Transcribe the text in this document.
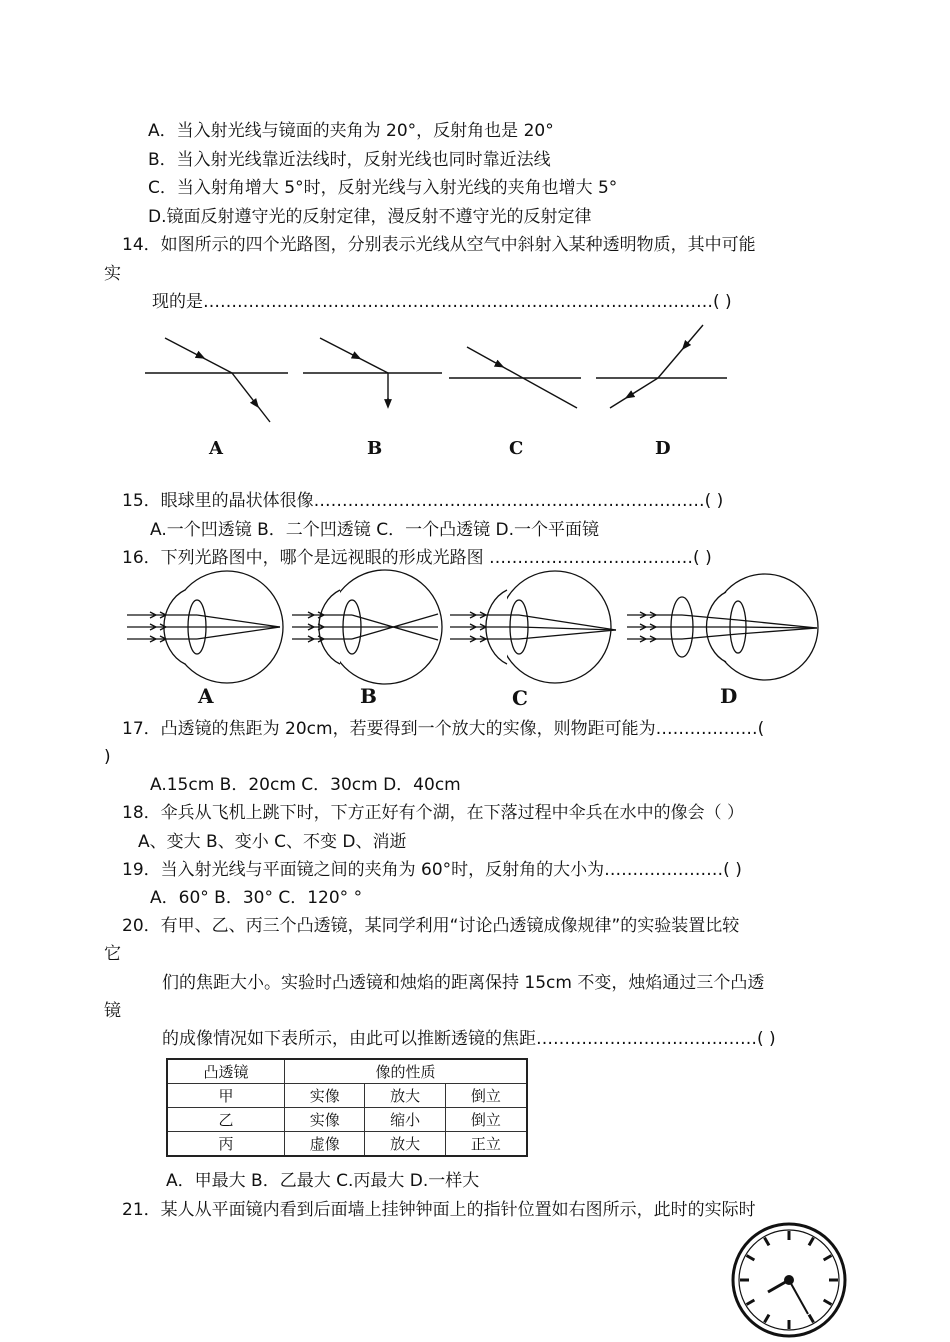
A．当入射光线与镜面的夹角为 20°，反射角也是 20°
B．当入射光线靠近法线时，反射光线也同时靠近法线
C．当入射角增大 5°时，反射光线与入射光线的夹角也增大 5°
D.镜面反射遵守光的反射定律，漫反射不遵守光的反射定律
14．如图所示的四个光路图，分别表示光线从空气中斜射入某种透明物质，其中可能
实
现的是………………………………………………………………………………( )
A	B	C	D
15．眼球里的晶状体很像……………………………………………………………( )
A.一个凹透镜 B．二个凹透镜 C．一个凸透镜 D.一个平面镜
16．下列光路图中，哪个是远视眼的形成光路图 ………………………………( )
A	B	C	D
17．凸透镜的焦距为 20cm，若要得到一个放大的实像，则物距可能为………………(
)
A.15cm B．20cm C．30cm D．40cm
18．伞兵从飞机上跳下时，下方正好有个湖，在下落过程中伞兵在水中的像会（ ）
A、变大 B、变小 C、不变 D、消逝
19．当入射光线与平面镜之间的夹角为 60°时，反射角的大小为…………………( )
A．60° B．30° C．120° °
20．有甲、乙、丙三个凸透镜，某同学利用“讨论凸透镜成像规律”的实验装置比较
它
们的焦距大小。实验时凸透镜和烛焰的距离保持 15cm 不变，烛焰通过三个凸透
镜
的成像情况如下表所示，由此可以推断透镜的焦距…………………………………( )
凸透镜	像的性质		
甲	实像	放大	倒立
乙	实像	缩小	倒立
丙	虚像	放大	正立
A．甲最大 B．乙最大 C.丙最大 D.一样大
21．某人从平面镜内看到后面墙上挂钟钟面上的指针位置如右图所示，此时的实际时
